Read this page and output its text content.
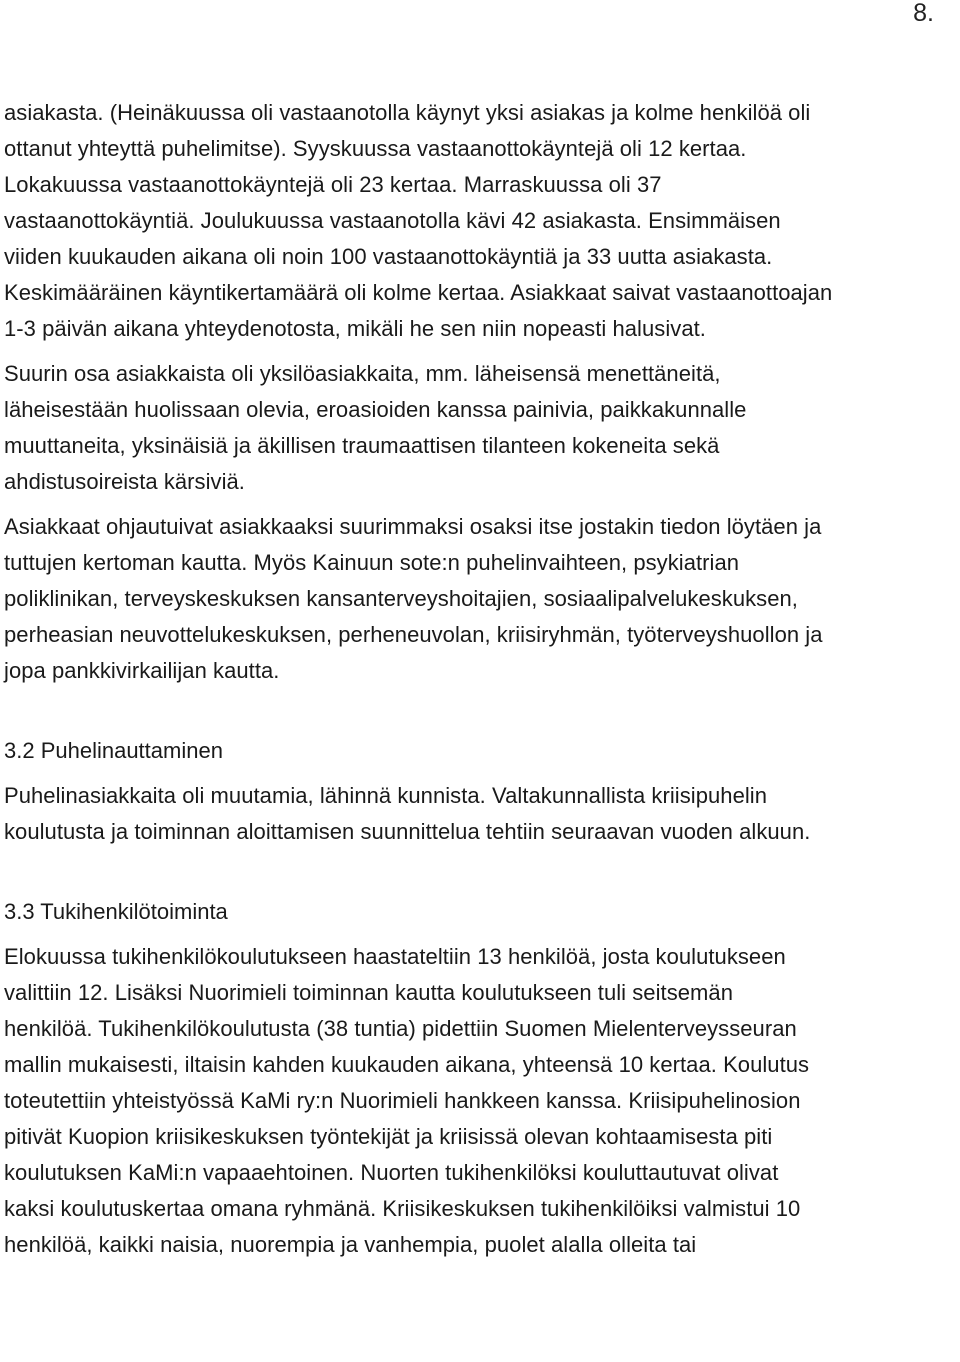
8.
asiakasta. (Heinäkuussa oli vastaanotolla käynyt yksi asiakas ja kolme henkilöä oli
ottanut yhteyttä puhelimitse). Syyskuussa vastaanottokäyntejä oli 12 kertaa.
Lokakuussa vastaanottokäyntejä oli 23 kertaa. Marraskuussa oli 37
vastaanottokäyntiä. Joulukuussa vastaanotolla kävi 42 asiakasta. Ensimmäisen
viiden kuukauden aikana oli noin 100 vastaanottokäyntiä ja 33 uutta asiakasta.
Keskimääräinen käyntikertamäärä oli kolme kertaa. Asiakkaat saivat vastaanottoajan
1-3 päivän aikana yhteydenotosta, mikäli he sen niin nopeasti halusivat.
Suurin osa asiakkaista oli yksilöasiakkaita, mm. läheisensä menettäneitä,
läheisestään huolissaan olevia, eroasioiden kanssa painivia, paikkakunnalle
muuttaneita, yksinäisiä ja äkillisen traumaattisen tilanteen kokeneita sekä
ahdistusoireista kärsiviä.
Asiakkaat ohjautuivat asiakkaaksi suurimmaksi osaksi itse jostakin tiedon löytäen ja
tuttujen kertoman kautta. Myös Kainuun sote:n puhelinvaihteen, psykiatrian
poliklinikan, terveyskeskuksen kansanterveyshoitajien, sosiaalipalvelukeskuksen,
perheasian neuvottelukeskuksen, perheneuvolan, kriisiryhmän, työterveyshuollon ja
jopa pankkivirkailijan kautta.
3.2 Puhelinauttaminen
Puhelinasiakkaita oli muutamia, lähinnä kunnista. Valtakunnallista kriisipuhelin
koulutusta ja toiminnan aloittamisen suunnittelua tehtiin seuraavan vuoden alkuun.
3.3 Tukihenkilötoiminta
Elokuussa tukihenkilökoulutukseen haastateltiin 13 henkilöä, josta koulutukseen
valittiin 12. Lisäksi Nuorimieli toiminnan kautta koulutukseen tuli seitsemän
henkilöä. Tukihenkilökoulutusta (38 tuntia) pidettiin Suomen Mielenterveysseuran
mallin mukaisesti, iltaisin kahden kuukauden aikana, yhteensä 10 kertaa. Koulutus
toteutettiin yhteistyössä KaMi ry:n Nuorimieli hankkeen kanssa. Kriisipuhelinosion
pitivät Kuopion kriisikeskuksen työntekijät ja kriisissä olevan kohtaamisesta piti
koulutuksen KaMi:n vapaaehtoinen. Nuorten tukihenkilöksi kouluttautuvat olivat
kaksi koulutuskertaa omana ryhmänä. Kriisikeskuksen tukihenkilöiksi valmistui 10
henkilöä, kaikki naisia, nuorempia ja vanhempia, puolet alalla olleita tai
